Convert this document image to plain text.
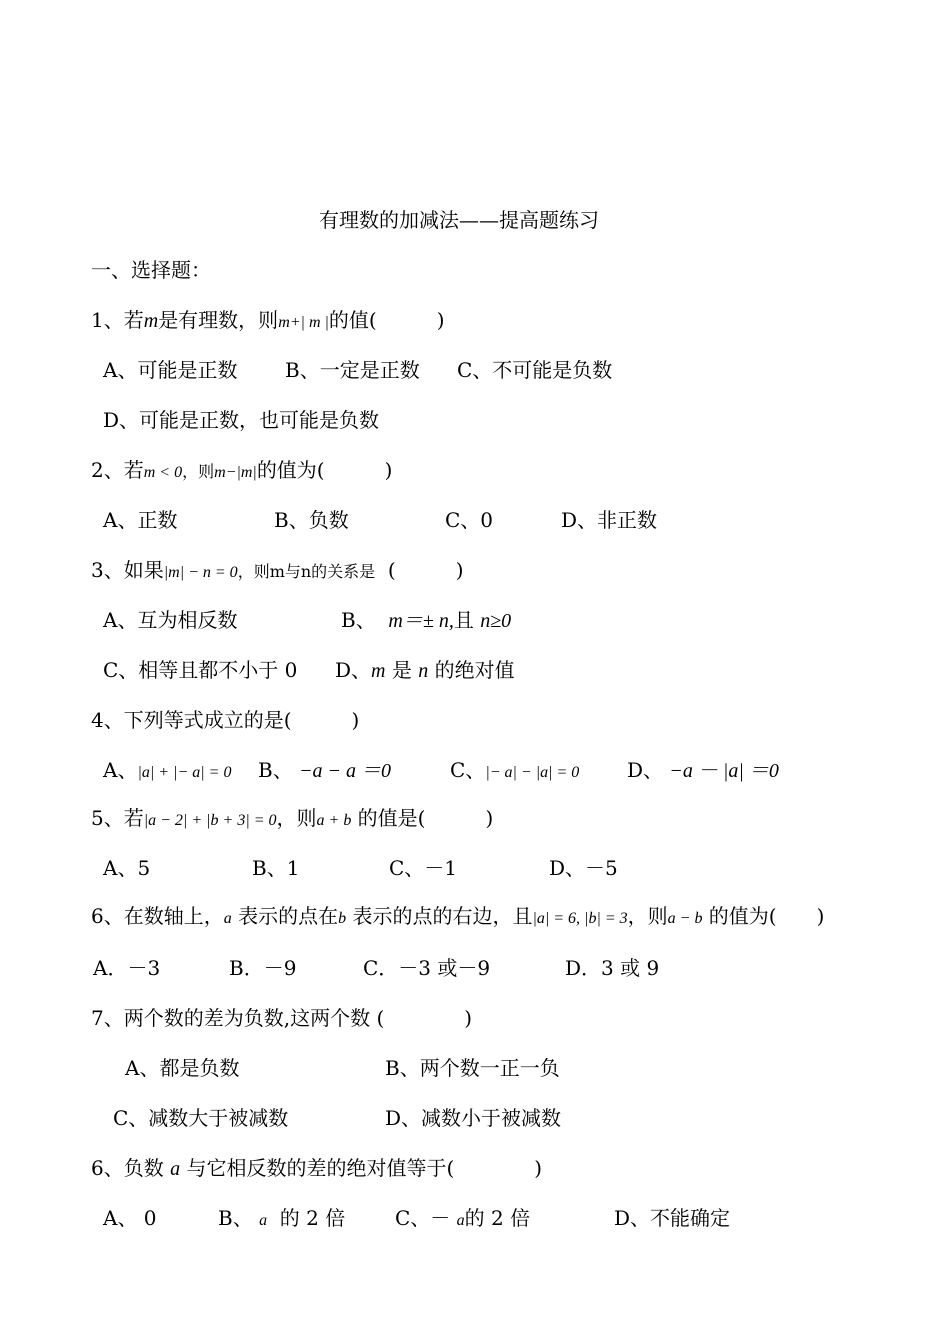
有理数的加减法——提高题练习
一、选择题：
1、若m是有理数，则m+| m |的值(　　　)
A、可能是正数 B、一定是正数 C、不可能是负数
D、可能是正数，也可能是负数
2、若m < 0，则m−|m|的值为(　　　)
A、正数	B、负数	C、0	D、非正数
3、如果|m| − n = 0，则m与n的关系是 (　　　)
A、互为相反数	B、 m＝± n,且 n≥0
C、相等且都不小于 0 D、m 是 n 的绝对值
4、下列等式成立的是(　　　)
A、|a| + |− a| = 0 B、 −a − a ＝0	C、|− a| − |a| = 0 D、 −a － |a| ＝0
5、若|a − 2| + |b + 3| = 0，则a + b 的值是(　　　)
A、5	B、1	C、－1	D、－5
6、在数轴上，a 表示的点在b 表示的点的右边，且|a| = 6, |b| = 3，则a − b 的值为(　　)
A．－3	B．－9	C．－3 或－9	D．3 或 9
7、两个数的差为负数,这两个数 (　　　　)
A、都是负数	B、两个数一正一负
C、减数大于被减数	D、减数小于被减数
6、负数 a 与它相反数的差的绝对值等于(　　　　)
A、 0	B、 a 的 2 倍 C、－ a的 2 倍	D、不能确定
